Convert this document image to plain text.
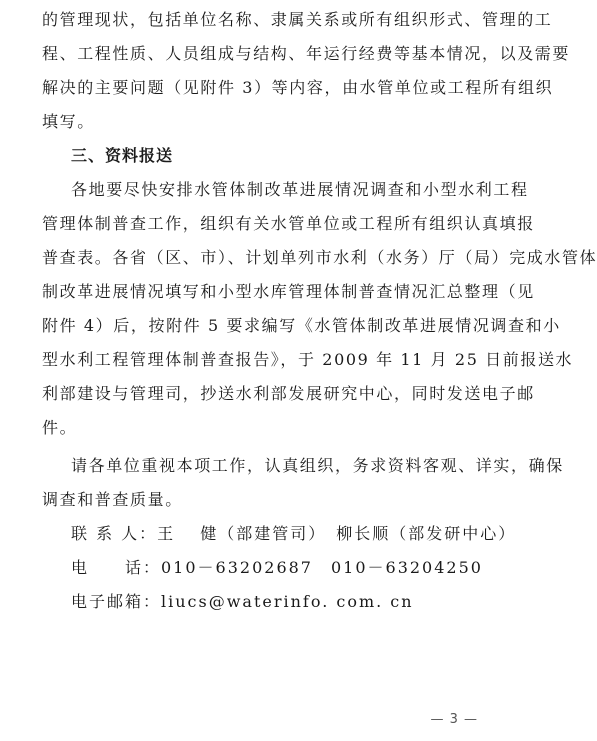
的管理现状，包括单位名称、隶属关系或所有组织形式、管理的工
程、工程性质、人员组成与结构、年运行经费等基本情况，以及需要
解决的主要问题（见附件 3）等内容，由水管单位或工程所有组织
填写。
三、资料报送
各地要尽快安排水管体制改革进展情况调查和小型水利工程
管理体制普查工作，组织有关水管单位或工程所有组织认真填报
普查表。各省（区、市）、计划单列市水利（水务）厅（局）完成水管体
制改革进展情况填写和小型水库管理体制普查情况汇总整理（见
附件 4）后，按附件 5 要求编写《水管体制改革进展情况调查和小
型水利工程管理体制普查报告》，于 2009 年 11 月 25 日前报送水
利部建设与管理司，抄送水利部发展研究中心，同时发送电子邮
件。
请各单位重视本项工作，认真组织，务求资料客观、详实，确保
调查和普查质量。
联 系 人：王　 健（部建管司）　柳长顺（部发研中心）
电　　话：010－63202687　010－63204250
电子邮箱：liucs@waterinfo. com. cn
— 3 —
